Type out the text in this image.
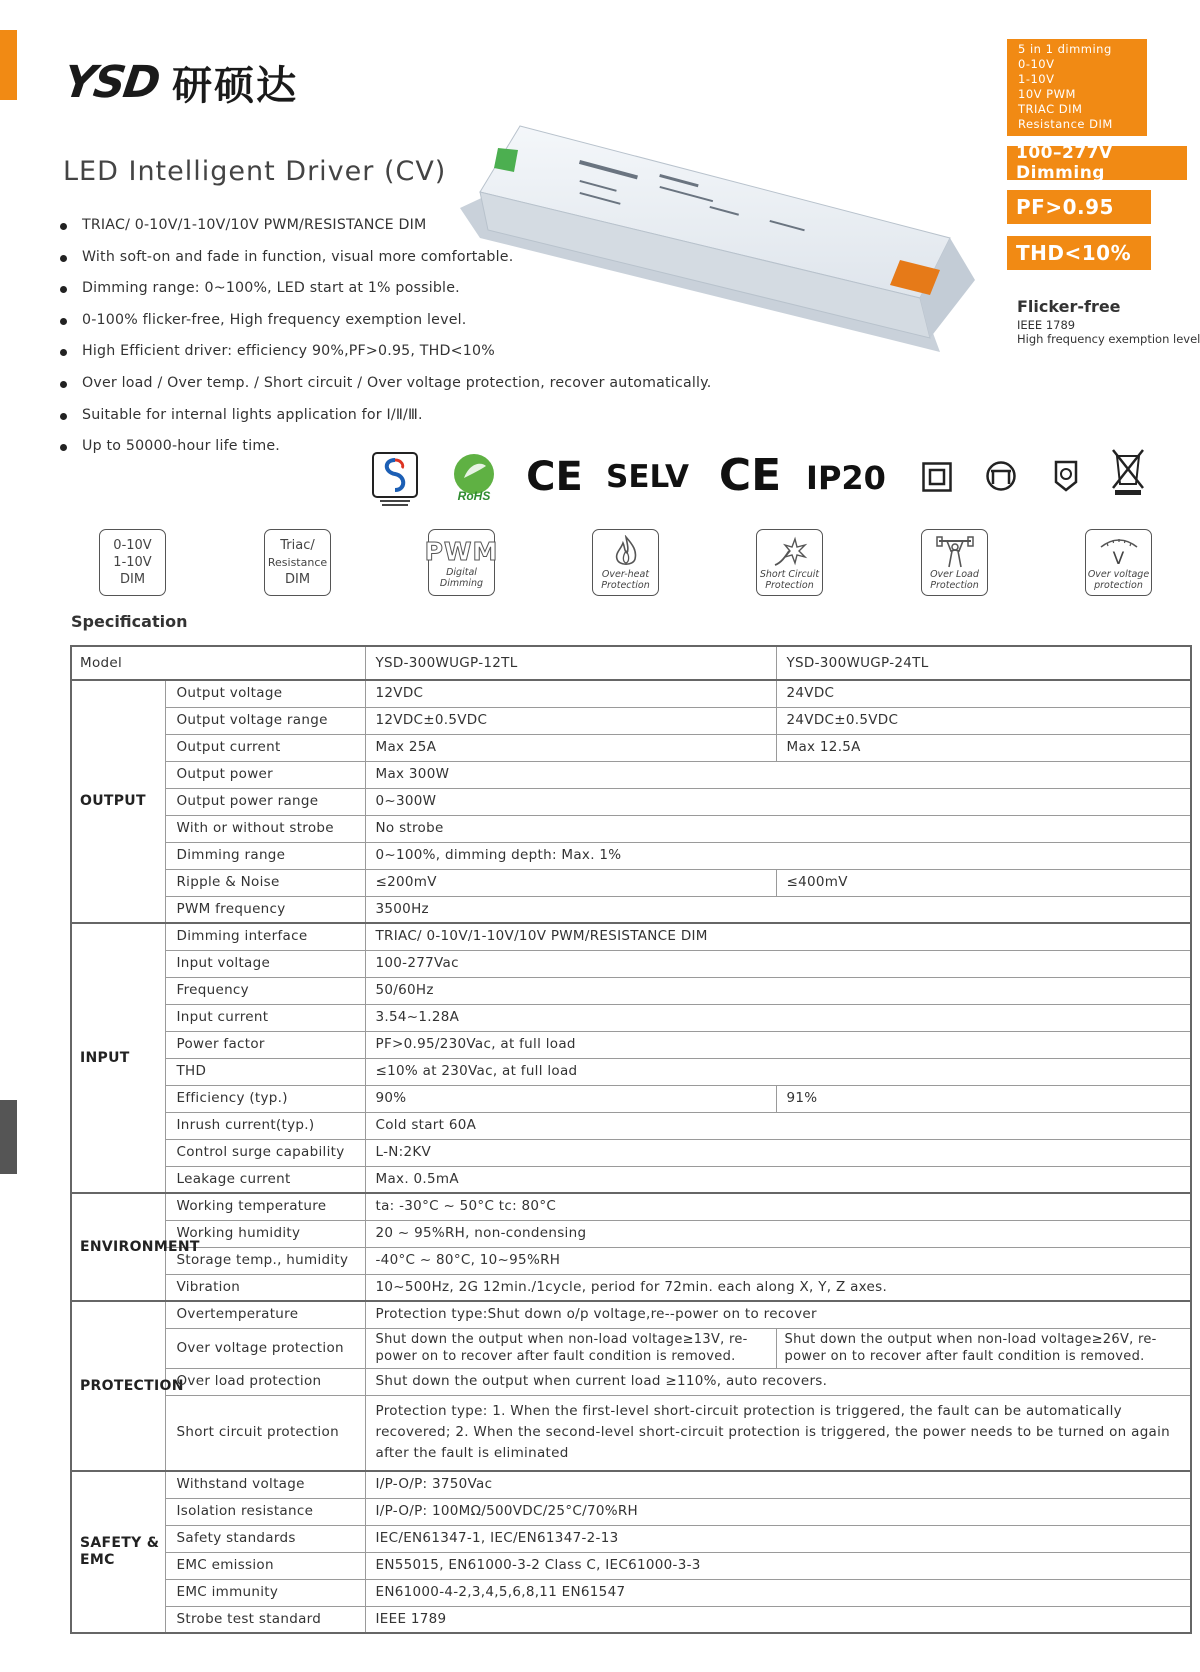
YSD 研硕达
LED Intelligent Driver (CV)
TRIAC/ 0-10V/1-10V/10V PWM/RESISTANCE DIM
With soft-on and fade in function, visual more comfortable.
Dimming range: 0~100%, LED start at 1% possible.
0-100% flicker-free, High frequency exemption level.
High Efficient driver: efficiency 90%,PF>0.95, THD<10%
Over load / Over temp. / Short circuit / Over voltage protection, recover automatically.
Suitable for internal lights application for Ⅰ/Ⅱ/Ⅲ.
Up to 50000-hour life time.
5 in 1 dimming
0-10V
1-10V
10V PWM
TRIAC DIM
Resistance DIM
100–277V Dimming
PF>0.95
THD<10%
Flicker-free
IEEE 1789
High frequency exemption level
RoHS CE SELV CE IP20
0-10V
1-10V
DIM
Triac/
Resistance
DIM
PWM
Digital
Dimming
Over-heat
Protection
Short Circuit
Protection
Over Load
Protection
V
Over voltage
protection
Specification
Model		YSD-300WUGP-12TL	YSD-300WUGP-24TL
OUTPUT	Output voltage	12VDC	24VDC
	Output voltage range	12VDC±0.5VDC	24VDC±0.5VDC
	Output current	Max 25A	Max 12.5A
	Output power	Max 300W	
	Output power range	0~300W	
	With or without strobe	No strobe	
	Dimming range	0~100%, dimming depth: Max. 1%	
	Ripple & Noise	≤200mV	≤400mV
	PWM frequency	3500Hz	
INPUT	Dimming interface	TRIAC/ 0-10V/1-10V/10V PWM/RESISTANCE DIM	
	Input voltage	100-277Vac	
	Frequency	50/60Hz	
	Input current	3.54~1.28A	
	Power factor	PF>0.95/230Vac, at full load	
	THD	≤10% at 230Vac, at full load	
	Efficiency (typ.)	90%	91%
	Inrush current(typ.)	Cold start 60A	
	Control surge capability	L-N:2KV	
	Leakage current	Max. 0.5mA	
ENVIRONMENT	Working temperature	ta: -30°C ~ 50°C tc: 80°C	
	Working humidity	20 ~ 95%RH, non-condensing	
	Storage temp., humidity	-40°C ~ 80°C, 10~95%RH	
	Vibration	10~500Hz, 2G 12min./1cycle, period for 72min. each along X, Y, Z axes.	
PROTECTION	Overtemperature	Protection type:Shut down o/p voltage,re--power on to recover	
	Over voltage protection	Shut down the output when non-load voltage≥13V, re-power on to recover after fault condition is removed.	Shut down the output when non-load voltage≥26V, re-power on to recover after fault condition is removed.
	Over load protection	Shut down the output when current load ≥110%, auto recovers.	
	Short circuit protection	Protection type: 1. When the first-level short-circuit protection is triggered, the fault can be automatically recovered; 2. When the second-level short-circuit protection is triggered, the power needs to be turned on again after the fault is eliminated	
SAFETY & EMC	Withstand voltage	I/P-O/P: 3750Vac	
	Isolation resistance	I/P-O/P: 100MΩ/500VDC/25°C/70%RH	
	Safety standards	IEC/EN61347-1, IEC/EN61347-2-13	
	EMC emission	EN55015, EN61000-3-2 Class C, IEC61000-3-3	
	EMC immunity	EN61000-4-2,3,4,5,6,8,11 EN61547	
	Strobe test standard	IEEE 1789	
